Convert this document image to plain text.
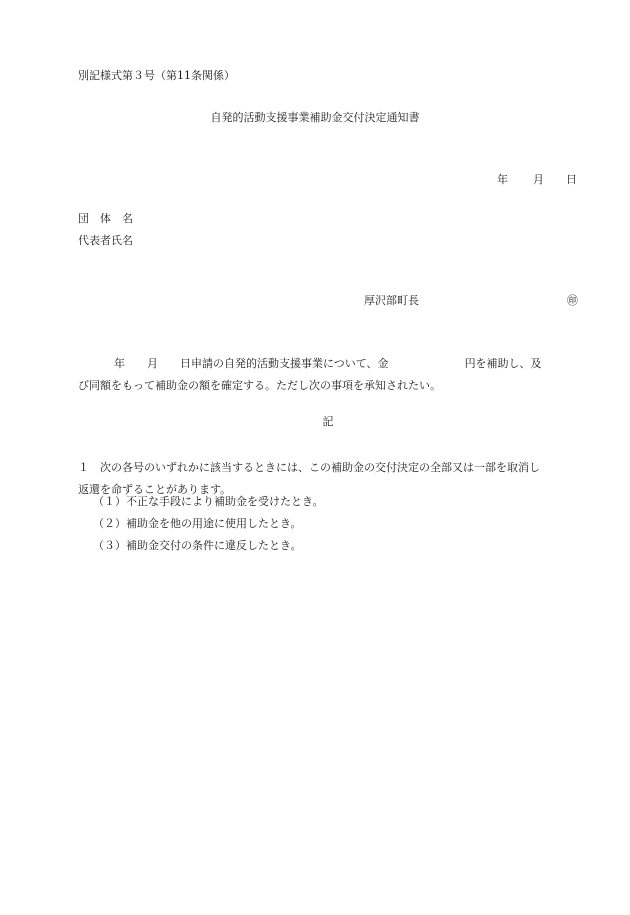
別記様式第３号（第11条関係）
自発的活動支援事業補助金交付決定通知書
年 月 日
団　体　名
代表者氏名
厚沢部町長	㊞
年 月 日申請の自発的活動支援事業について、金	円を補助し、及
び同額をもって補助金の額を確定する。ただし次の事項を承知されたい。
記
１　次の各号のいずれかに該当するときには、この補助金の交付決定の全部又は一部を取消し
返還を命ずることがあります。
（１）不正な手段により補助金を受けたとき。
（２）補助金を他の用途に使用したとき。
（３）補助金交付の条件に違反したとき。
